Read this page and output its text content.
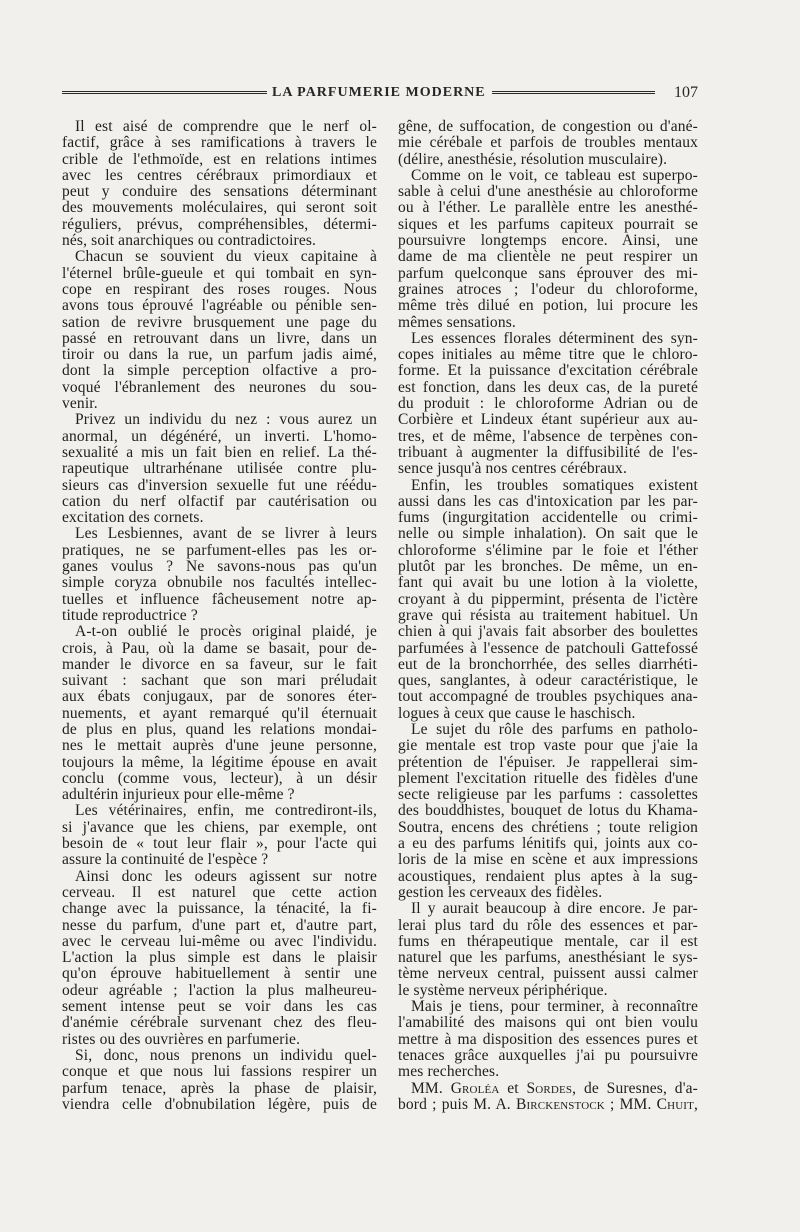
LA PARFUMERIE MODERNE	107
Il est aisé de comprendre que le nerf ol-
factif, grâce à ses ramifications à travers le
crible de l'ethmoïde, est en relations intimes
avec les centres cérébraux primordiaux et
peut y conduire des sensations déterminant
des mouvements moléculaires, qui seront soit
réguliers, prévus, compréhensibles, détermi-
nés, soit anarchiques ou contradictoires.
Chacun se souvient du vieux capitaine à
l'éternel brûle-gueule et qui tombait en syn-
cope en respirant des roses rouges. Nous
avons tous éprouvé l'agréable ou pénible sen-
sation de revivre brusquement une page du
passé en retrouvant dans un livre, dans un
tiroir ou dans la rue, un parfum jadis aimé,
dont la simple perception olfactive a pro-
voqué l'ébranlement des neurones du sou-
venir.
Privez un individu du nez : vous aurez un
anormal, un dégénéré, un inverti. L'homo-
sexualité a mis un fait bien en relief. La thé-
rapeutique ultrarhénane utilisée contre plu-
sieurs cas d'inversion sexuelle fut une réédu-
cation du nerf olfactif par cautérisation ou
excitation des cornets.
Les Lesbiennes, avant de se livrer à leurs
pratiques, ne se parfument-elles pas les or-
ganes voulus ? Ne savons-nous pas qu'un
simple coryza obnubile nos facultés intellec-
tuelles et influence fâcheusement notre ap-
titude reproductrice ?
A-t-on oublié le procès original plaidé, je
crois, à Pau, où la dame se basait, pour de-
mander le divorce en sa faveur, sur le fait
suivant : sachant que son mari préludait
aux ébats conjugaux, par de sonores éter-
nuements, et ayant remarqué qu'il éternuait
de plus en plus, quand les relations mondai-
nes le mettait auprès d'une jeune personne,
toujours la même, la légitime épouse en avait
conclu (comme vous, lecteur), à un désir
adultérin injurieux pour elle-même ?
Les vétérinaires, enfin, me contrediront-ils,
si j'avance que les chiens, par exemple, ont
besoin de « tout leur flair », pour l'acte qui
assure la continuité de l'espèce ?
Ainsi donc les odeurs agissent sur notre
cerveau. Il est naturel que cette action
change avec la puissance, la ténacité, la fi-
nesse du parfum, d'une part et, d'autre part,
avec le cerveau lui-même ou avec l'individu.
L'action la plus simple est dans le plaisir
qu'on éprouve habituellement à sentir une
odeur agréable ; l'action la plus malheureu-
sement intense peut se voir dans les cas
d'anémie cérébrale survenant chez des fleu-
ristes ou des ouvrières en parfumerie.
Si, donc, nous prenons un individu quel-
conque et que nous lui fassions respirer un
parfum tenace, après la phase de plaisir,
viendra celle d'obnubilation légère, puis de
gêne, de suffocation, de congestion ou d'ané-
mie cérébale et parfois de troubles mentaux
(délire, anesthésie, résolution musculaire).
Comme on le voit, ce tableau est superpo-
sable à celui d'une anesthésie au chloroforme
ou à l'éther. Le parallèle entre les anesthé-
siques et les parfums capiteux pourrait se
poursuivre longtemps encore. Ainsi, une
dame de ma clientèle ne peut respirer un
parfum quelconque sans éprouver des mi-
graines atroces ; l'odeur du chloroforme,
même très dilué en potion, lui procure les
mêmes sensations.
Les essences florales déterminent des syn-
copes initiales au même titre que le chloro-
forme. Et la puissance d'excitation cérébrale
est fonction, dans les deux cas, de la pureté
du produit : le chloroforme Adrian ou de
Corbière et Lindeux étant supérieur aux au-
tres, et de même, l'absence de terpènes con-
tribuant à augmenter la diffusibilité de l'es-
sence jusqu'à nos centres cérébraux.
Enfin, les troubles somatiques existent
aussi dans les cas d'intoxication par les par-
fums (ingurgitation accidentelle ou crimi-
nelle ou simple inhalation). On sait que le
chloroforme s'élimine par le foie et l'éther
plutôt par les bronches. De même, un en-
fant qui avait bu une lotion à la violette,
croyant à du pippermint, présenta de l'ictère
grave qui résista au traitement habituel. Un
chien à qui j'avais fait absorber des boulettes
parfumées à l'essence de patchouli Gattefossé
eut de la bronchorrhée, des selles diarrhéti-
ques, sanglantes, à odeur caractéristique, le
tout accompagné de troubles psychiques ana-
logues à ceux que cause le haschisch.
Le sujet du rôle des parfums en patholo-
gie mentale est trop vaste pour que j'aie la
prétention de l'épuiser. Je rappellerai sim-
plement l'excitation rituelle des fidèles d'une
secte religieuse par les parfums : cassolettes
des bouddhistes, bouquet de lotus du Khama-
Soutra, encens des chrétiens ; toute religion
a eu des parfums lénitifs qui, joints aux co-
loris de la mise en scène et aux impressions
acoustiques, rendaient plus aptes à la sug-
gestion les cerveaux des fidèles.
Il y aurait beaucoup à dire encore. Je par-
lerai plus tard du rôle des essences et par-
fums en thérapeutique mentale, car il est
naturel que les parfums, anesthésiant le sys-
tème nerveux central, puissent aussi calmer
le système nerveux périphérique.
Mais je tiens, pour terminer, à reconnaître
l'amabilité des maisons qui ont bien voulu
mettre à ma disposition des essences pures et
tenaces grâce auxquelles j'ai pu poursuivre
mes recherches.
MM. Groléa et Sordes, de Suresnes, d'a-
bord ; puis M. A. Birckenstock ; MM. Chuit,
